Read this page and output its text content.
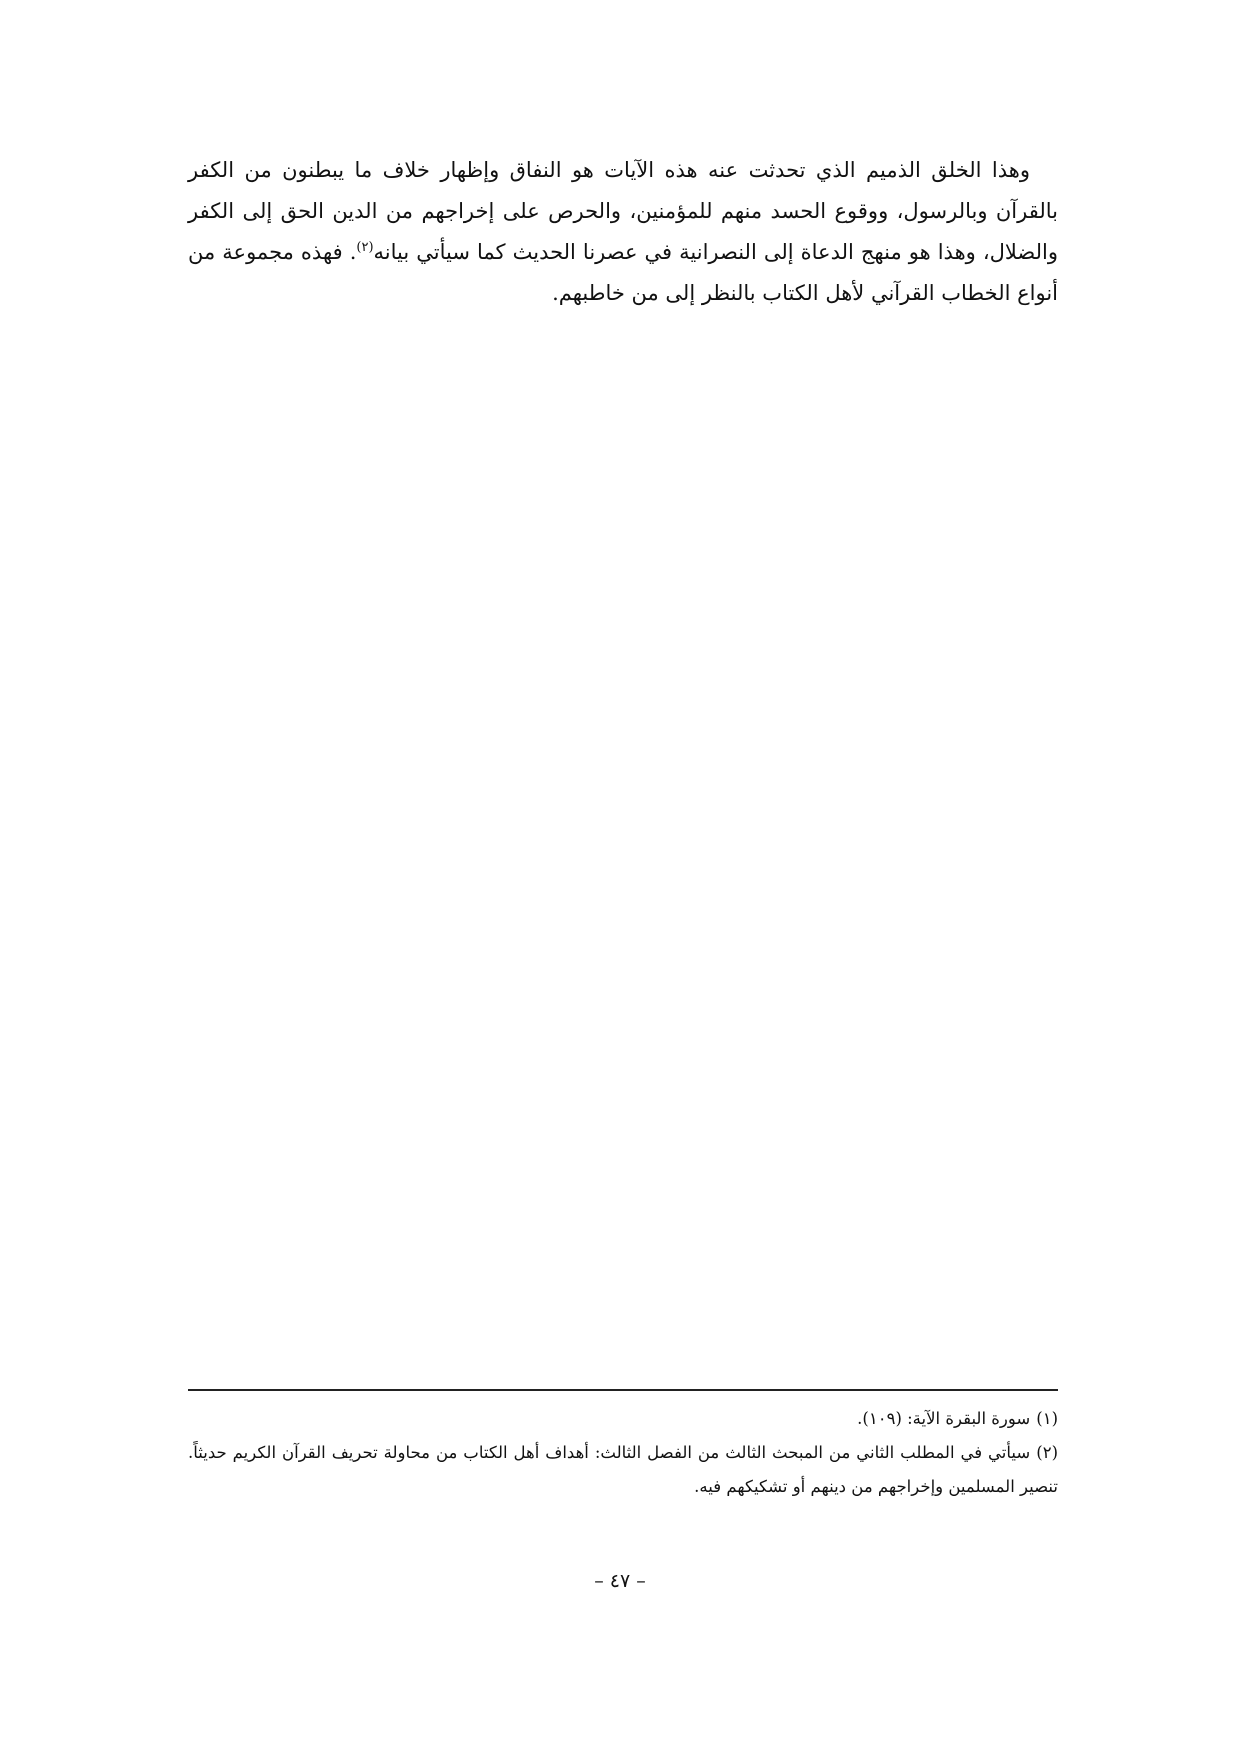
وهذا الخلق الذميم الذي تحدثت عنه هذه الآيات هو النفاق وإظهار خلاف ما يبطنون من الكفر بالقرآن وبالرسول، ووقوع الحسد منهم للمؤمنين، والحرص على إخراجهم من الدين الحق إلى الكفر والضلال، وهذا هو منهج الدعاة إلى النصرانية في عصرنا الحديث كما سيأتي بيانه$^{(٢)}$. فهذه مجموعة من أنواع الخطاب القرآني لأهل الكتاب بالنظر إلى من خاطبهم.

(١)سورة البقرة الآية: (١٠٩).

(٢)سيأتي في المطلب الثاني من المبحث الثالث من الفصل الثالث: أهداف أهل الكتاب من محاولة تحريف القرآن الكريم حديثاً. تنصير المسلمين وإخراجهم من دينهم أو تشكيكهم فيه.

– ٤٧ –
